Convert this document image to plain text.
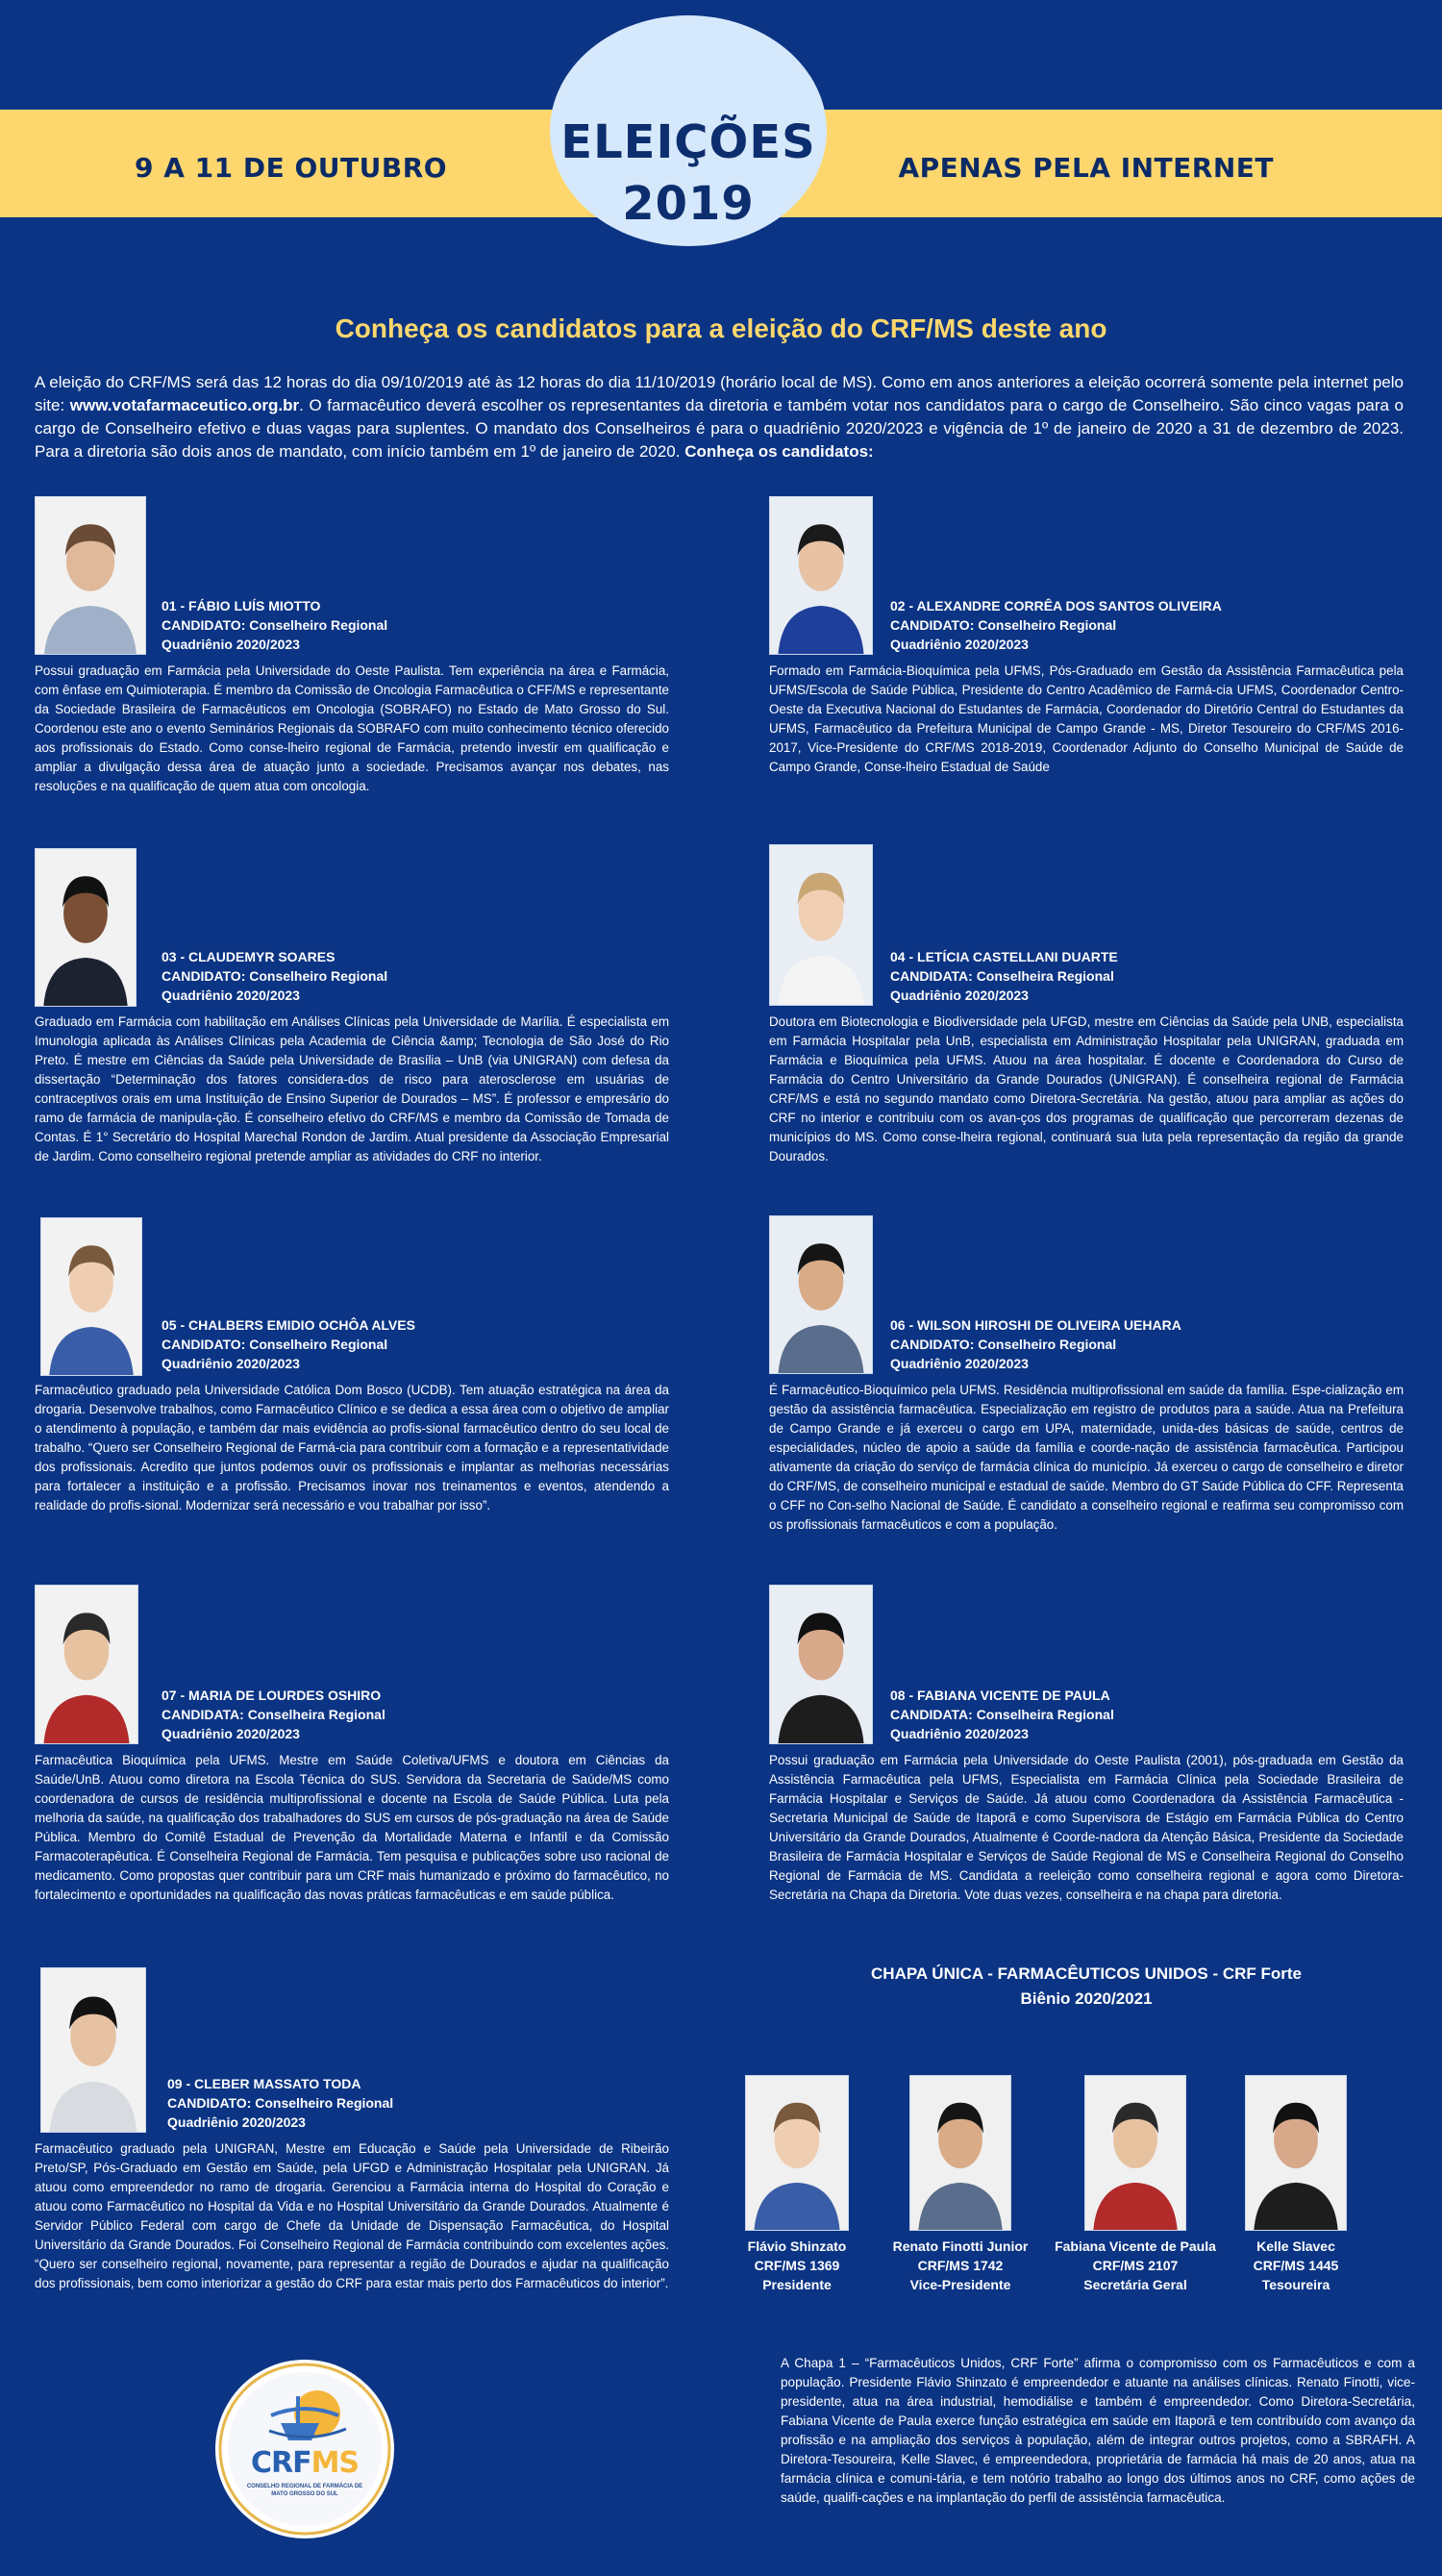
9 A 11 DE OUTUBRO	APENAS PELA INTERNET
ELEIÇÕES
2019
Conheça os candidatos para a eleição do CRF/MS deste ano
A eleição do CRF/MS será das 12 horas do dia 09/10/2019 até às 12 horas do dia 11/10/2019 (horário local de MS). Como em anos anteriores a eleição ocorrerá somente pela internet pelo site: www.votafarmaceutico.org.br. O farmacêutico deverá escolher os representantes da diretoria e também votar nos candidatos para o cargo de Conselheiro. São cinco vagas para o cargo de Conselheiro efetivo e duas vagas para suplentes. O mandato dos Conselheiros é para o quadriênio 2020/2023 e vigência de 1º de janeiro de 2020 a 31 de dezembro de 2023. Para a diretoria são dois anos de mandato, com início também em 1º de janeiro de 2020. Conheça os candidatos:
01 - FÁBIO LUÍS MIOTTO
CANDIDATO: Conselheiro Regional
Quadriênio 2020/2023
Possui graduação em Farmácia pela Universidade do Oeste Paulista. Tem experiência na área e Farmácia, com ênfase em Quimioterapia. É membro da Comissão de Oncologia Farmacêutica o CFF/MS e representante da Sociedade Brasileira de Farmacêuticos em Oncologia (SOBRAFO) no Estado de Mato Grosso do Sul. Coordenou este ano o evento Seminários Regionais da SOBRAFO com muito conhecimento técnico oferecido aos profissionais do Estado. Como conse-lheiro regional de Farmácia, pretendo investir em qualificação e ampliar a divulgação dessa área de atuação junto a sociedade. Precisamos avançar nos debates, nas resoluções e na qualificação de quem atua com oncologia.
02 - ALEXANDRE CORRÊA DOS SANTOS OLIVEIRA
CANDIDATO: Conselheiro Regional
Quadriênio 2020/2023
Formado em Farmácia-Bioquímica pela UFMS, Pós-Graduado em Gestão da Assistência Farmacêutica pela UFMS/Escola de Saúde Pública, Presidente do Centro Acadêmico de Farmá-cia UFMS, Coordenador Centro-Oeste da Executiva Nacional do Estudantes de Farmácia, Coordenador do Diretório Central do Estudantes da UFMS, Farmacêutico da Prefeitura Municipal de Campo Grande - MS, Diretor Tesoureiro do CRF/MS 2016-2017, Vice-Presidente do CRF/MS 2018-2019, Coordenador Adjunto do Conselho Municipal de Saúde de Campo Grande, Conse-lheiro Estadual de Saúde
03 - CLAUDEMYR SOARES
CANDIDATO: Conselheiro Regional
Quadriênio 2020/2023
Graduado em Farmácia com habilitação em Análises Clínicas pela Universidade de Marília. É especialista em Imunologia aplicada às Análises Clínicas pela Academia de Ciência &amp; Tecnologia de São José do Rio Preto. É mestre em Ciências da Saúde pela Universidade de Brasília – UnB (via UNIGRAN) com defesa da dissertação “Determinação dos fatores considera-dos de risco para aterosclerose em usuárias de contraceptivos orais em uma Instituição de Ensino Superior de Dourados – MS”. É professor e empresário do ramo de farmácia de manipula-ção. É conselheiro efetivo do CRF/MS e membro da Comissão de Tomada de Contas. É 1° Secretário do Hospital Marechal Rondon de Jardim. Atual presidente da Associação Empresarial de Jardim. Como conselheiro regional pretende ampliar as atividades do CRF no interior.
04 - LETÍCIA CASTELLANI DUARTE
CANDIDATA: Conselheira Regional
Quadriênio 2020/2023
Doutora em Biotecnologia e Biodiversidade pela UFGD, mestre em Ciências da Saúde pela UNB, especialista em Farmácia Hospitalar pela UnB, especialista em Administração Hospitalar pela UNIGRAN, graduada em Farmácia e Bioquímica pela UFMS. Atuou na área hospitalar. É docente e Coordenadora do Curso de Farmácia do Centro Universitário da Grande Dourados (UNIGRAN). É conselheira regional de Farmácia CRF/MS e está no segundo mandato como Diretora-Secretária. Na gestão, atuou para ampliar as ações do CRF no interior e contribuiu com os avan-ços dos programas de qualificação que percorreram dezenas de municípios do MS. Como conse-lheira regional, continuará sua luta pela representação da região da grande Dourados.
05 - CHALBERS EMIDIO OCHÔA ALVES
CANDIDATO: Conselheiro Regional
Quadriênio 2020/2023
Farmacêutico graduado pela Universidade Católica Dom Bosco (UCDB). Tem atuação estratégica na área da drogaria. Desenvolve trabalhos, como Farmacêutico Clínico e se dedica a essa área com o objetivo de ampliar o atendimento à população, e também dar mais evidência ao profis-sional farmacêutico dentro do seu local de trabalho. “Quero ser Conselheiro Regional de Farmá-cia para contribuir com a formação e a representatividade dos profissionais. Acredito que juntos podemos ouvir os profissionais e implantar as melhorias necessárias para fortalecer a instituição e a profissão. Precisamos inovar nos treinamentos e eventos, atendendo a realidade do profis-sional. Modernizar será necessário e vou trabalhar por isso”.
06 - WILSON HIROSHI DE OLIVEIRA UEHARA
CANDIDATO: Conselheiro Regional
Quadriênio 2020/2023
É Farmacêutico-Bioquímico pela UFMS. Residência multiprofissional em saúde da família. Espe-cialização em gestão da assistência farmacêutica. Especialização em registro de produtos para a saúde. Atua na Prefeitura de Campo Grande e já exerceu o cargo em UPA, maternidade, unida-des básicas de saúde, centros de especialidades, núcleo de apoio a saúde da família e coorde-nação de assistência farmacêutica. Participou ativamente da criação do serviço de farmácia clínica do município. Já exerceu o cargo de conselheiro e diretor do CRF/MS, de conselheiro municipal e estadual de saúde. Membro do GT Saúde Pública do CFF. Representa o CFF no Con-selho Nacional de Saúde. É candidato a conselheiro regional e reafirma seu compromisso com os profissionais farmacêuticos e com a população.
07 - MARIA DE LOURDES OSHIRO
CANDIDATA: Conselheira Regional
Quadriênio 2020/2023
Farmacêutica Bioquímica pela UFMS. Mestre em Saúde Coletiva/UFMS e doutora em Ciências da Saúde/UnB. Atuou como diretora na Escola Técnica do SUS. Servidora da Secretaria de Saúde/MS como coordenadora de cursos de residência multiprofissional e docente na Escola de Saúde Pública. Luta pela melhoria da saúde, na qualificação dos trabalhadores do SUS em cursos de pós-graduação na área de Saúde Pública. Membro do Comitê Estadual de Prevenção da Mortalidade Materna e Infantil e da Comissão Farmacoterapêutica. É Conselheira Regional de Farmácia. Tem pesquisa e publicações sobre uso racional de medicamento. Como propostas quer contribuir para um CRF mais humanizado e próximo do farmacêutico, no fortalecimento e oportunidades na qualificação das novas práticas farmacêuticas e em saúde pública.
08 - FABIANA VICENTE DE PAULA
CANDIDATA: Conselheira Regional
Quadriênio 2020/2023
Possui graduação em Farmácia pela Universidade do Oeste Paulista (2001), pós-graduada em Gestão da Assistência Farmacêutica pela UFMS, Especialista em Farmácia Clínica pela Sociedade Brasileira de Farmácia Hospitalar e Serviços de Saúde. Já atuou como Coordenadora da Assistência Farmacêutica - Secretaria Municipal de Saúde de Itaporã e como Supervisora de Estágio em Farmácia Pública do Centro Universitário da Grande Dourados, Atualmente é Coorde-nadora da Atenção Básica, Presidente da Sociedade Brasileira de Farmácia Hospitalar e Serviços de Saúde Regional de MS e Conselheira Regional do Conselho Regional de Farmácia de MS. Candidata a reeleição como conselheira regional e agora como Diretora-Secretária na Chapa da Diretoria. Vote duas vezes, conselheira e na chapa para diretoria.
09 - CLEBER MASSATO TODA
CANDIDATO: Conselheiro Regional
Quadriênio 2020/2023
Farmacêutico graduado pela UNIGRAN, Mestre em Educação e Saúde pela Universidade de Ribeirão Preto/SP, Pós-Graduado em Gestão em Saúde, pela UFGD e Administração Hospitalar pela UNIGRAN. Já atuou como empreendedor no ramo de drogaria. Gerenciou a Farmácia interna do Hospital do Coração e atuou como Farmacêutico no Hospital da Vida e no Hospital Universitário da Grande Dourados. Atualmente é Servidor Público Federal com cargo de Chefe da Unidade de Dispensação Farmacêutica, do Hospital Universitário da Grande Dourados. Foi Conselheiro Regional de Farmácia contribuindo com excelentes ações. “Quero ser conselheiro regional, novamente, para representar a região de Dourados e ajudar na qualificação dos profissionais, bem como interiorizar a gestão do CRF para estar mais perto dos Farmacêuticos do interior”.
CHAPA ÚNICA - FARMACÊUTICOS UNIDOS - CRF Forte
Biênio 2020/2021
Flávio Shinzato
CRF/MS 1369
Presidente
Renato Finotti Junior
CRF/MS 1742
Vice-Presidente
Fabiana Vicente de Paula
CRF/MS 2107
Secretária Geral
Kelle Slavec
CRF/MS 1445
Tesoureira
A Chapa 1 – “Farmacêuticos Unidos, CRF Forte” afirma o compromisso com os Farmacêuticos e com a população. Presidente Flávio Shinzato é empreendedor e atuante na análises clínicas. Renato Finotti, vice-presidente, atua na área industrial, hemodiálise e também é empreendedor. Como Diretora-Secretária, Fabiana Vicente de Paula exerce função estratégica em saúde em Itaporã e tem contribuído com avanço da profissão e na ampliação dos serviços à população, além de integrar outros projetos, como a SBRAFH. A Diretora-Tesoureira, Kelle Slavec, é empreendedora, proprietária de farmácia há mais de 20 anos, atua na farmácia clínica e comuni-tária, e tem notório trabalho ao longo dos últimos anos no CRF, como ações de saúde, qualifi-cações e na implantação do perfil de assistência farmacêutica.
CRFMS
CONSELHO REGIONAL DE FARMÁCIA DE MATO GROSSO DO SUL
